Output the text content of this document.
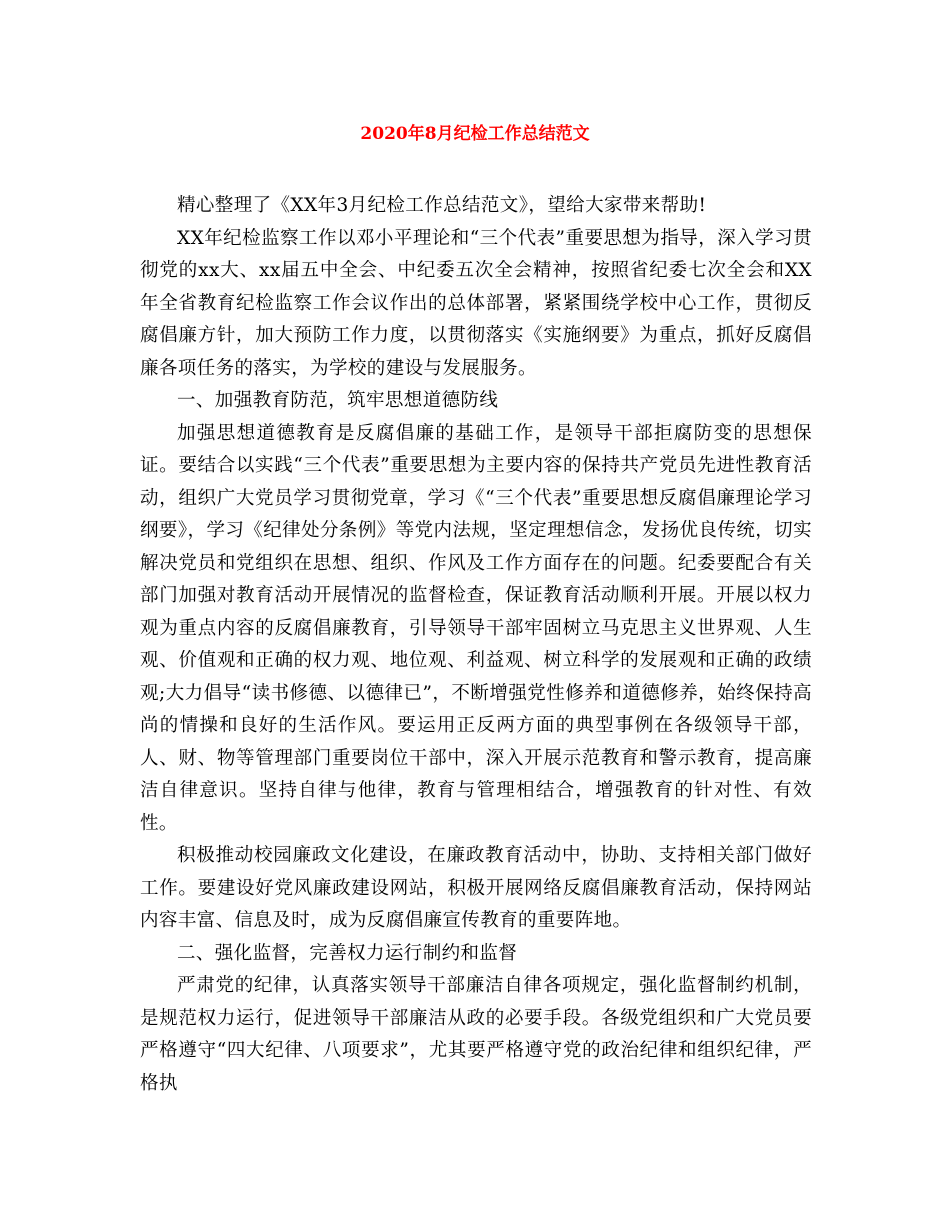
2020年8月纪检工作总结范文

精心整理了《XX年3月纪检工作总结范文》，望给大家带来帮助!

XX年纪检监察工作以邓小平理论和“三个代表”重要思想为指导，深入学习贯彻党的xx大、xx届五中全会、中纪委五次全会精神，按照省纪委七次全会和XX年全省教育纪检监察工作会议作出的总体部署，紧紧围绕学校中心工作，贯彻反腐倡廉方针，加大预防工作力度，以贯彻落实《实施纲要》为重点，抓好反腐倡廉各项任务的落实，为学校的建设与发展服务。

一、加强教育防范，筑牢思想道德防线

加强思想道德教育是反腐倡廉的基础工作，是领导干部拒腐防变的思想保证。要结合以实践“三个代表”重要思想为主要内容的保持共产党员先进性教育活动，组织广大党员学习贯彻党章，学习《“三个代表”重要思想反腐倡廉理论学习纲要》，学习《纪律处分条例》等党内法规，坚定理想信念，发扬优良传统，切实解决党员和党组织在思想、组织、作风及工作方面存在的问题。纪委要配合有关部门加强对教育活动开展情况的监督检查，保证教育活动顺利开展。开展以权力观为重点内容的反腐倡廉教育，引导领导干部牢固树立马克思主义世界观、人生观、价值观和正确的权力观、地位观、利益观、树立科学的发展观和正确的政绩观;大力倡导“读书修德、以德律已”，不断增强党性修养和道德修养，始终保持高尚的情操和良好的生活作风。要运用正反两方面的典型事例在各级领导干部，人、财、物等管理部门重要岗位干部中，深入开展示范教育和警示教育，提高廉洁自律意识。坚持自律与他律，教育与管理相结合，增强教育的针对性、有效性。

积极推动校园廉政文化建设，在廉政教育活动中，协助、支持相关部门做好工作。要建设好党风廉政建设网站，积极开展网络反腐倡廉教育活动，保持网站内容丰富、信息及时，成为反腐倡廉宣传教育的重要阵地。

二、强化监督，完善权力运行制约和监督

严肃党的纪律，认真落实领导干部廉洁自律各项规定，强化监督制约机制，是规范权力运行，促进领导干部廉洁从政的必要手段。各级党组织和广大党员要严格遵守“四大纪律、八项要求”，尤其要严格遵守党的政治纪律和组织纪律，严格执
